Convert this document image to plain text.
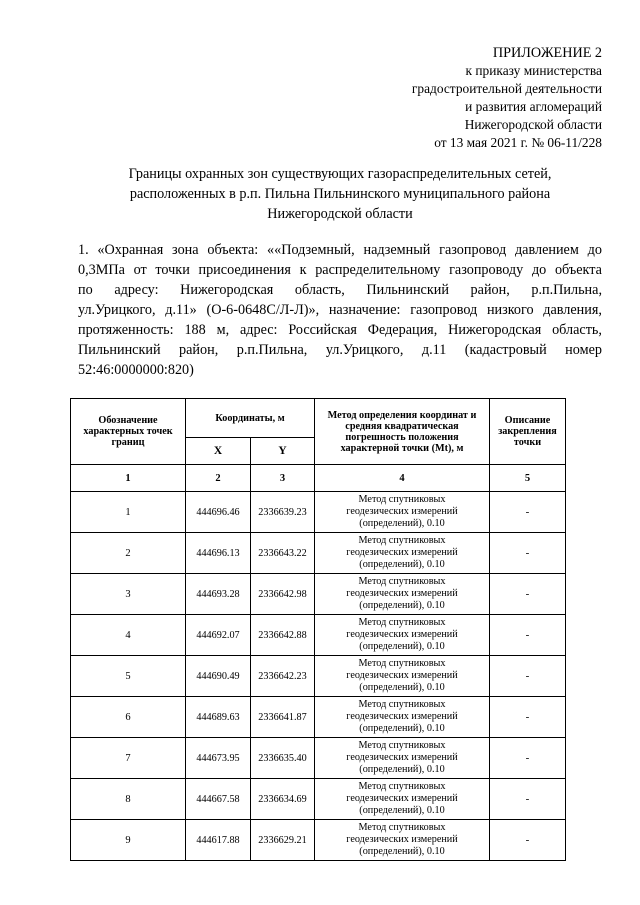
ПРИЛОЖЕНИЕ 2
к приказу министерства
градостроительной деятельности
и развития агломераций
Нижегородской области
от 13 мая 2021 г. № 06-11/228
Границы охранных зон существующих газораспределительных сетей,
расположенных в р.п. Пильна Пильнинского муниципального района
Нижегородской области
1. «Охранная зона объекта: ««Подземный, надземный газопровод давлением до
0,3МПа от точки присоединения к распределительному газопроводу до объекта
по адресу: Нижегородская область, Пильнинский район, р.п.Пильна,
ул.Урицкого, д.11» (О-6-0648С/Л-Л)», назначение: газопровод низкого давления,
протяженность: 188 м, адрес: Российская Федерация, Нижегородская область,
Пильнинский район, р.п.Пильна, ул.Урицкого, д.11 (кадастровый номер
52:46:0000000:820)
Обозначение характерных точек границ	Координаты, м		Метод определения координат и средняя квадратическая погрешность положения характерной точки (Mt), м	Описание закрепления точки
	X	Y		
1	2	3	4	5
1	444696.46	2336639.23	Метод спутниковых
геодезических измерений
(определений), 0.10	-
2	444696.13	2336643.22	Метод спутниковых
геодезических измерений
(определений), 0.10	-
3	444693.28	2336642.98	Метод спутниковых
геодезических измерений
(определений), 0.10	-
4	444692.07	2336642.88	Метод спутниковых
геодезических измерений
(определений), 0.10	-
5	444690.49	2336642.23	Метод спутниковых
геодезических измерений
(определений), 0.10	-
6	444689.63	2336641.87	Метод спутниковых
геодезических измерений
(определений), 0.10	-
7	444673.95	2336635.40	Метод спутниковых
геодезических измерений
(определений), 0.10	-
8	444667.58	2336634.69	Метод спутниковых
геодезических измерений
(определений), 0.10	-
9	444617.88	2336629.21	Метод спутниковых
геодезических измерений
(определений), 0.10	-
